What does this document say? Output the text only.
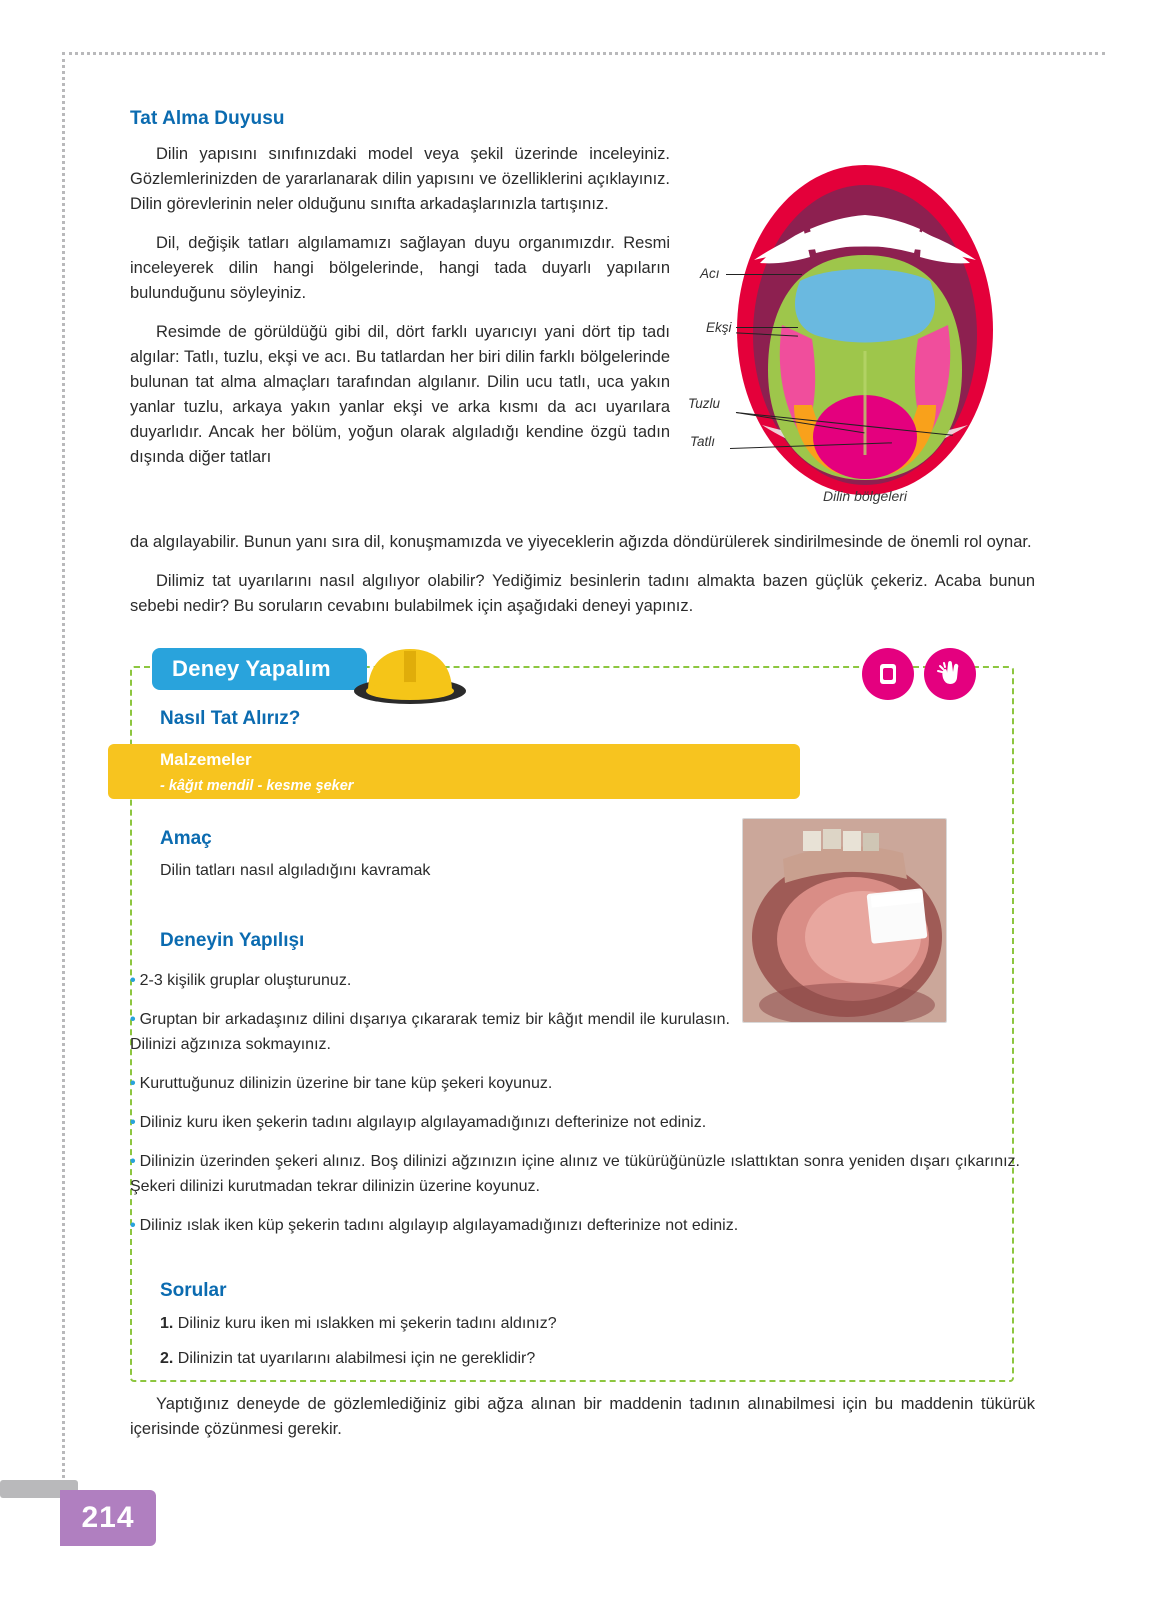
Tat Alma Duyusu

Dilin yapısını sınıfınızdaki model veya şekil üzerinde inceleyiniz. Gözlemlerinizden de yararlanarak dilin yapısını ve özelliklerini açıklayınız. Dilin görevlerinin neler olduğunu sınıfta arkadaşlarınızla tartışınız.

Dil, değişik tatları algılamamızı sağlayan duyu organımızdır. Resmi inceleyerek dilin hangi bölgelerinde, hangi tada duyarlı yapıların bulunduğunu söyleyiniz.

Resimde de görüldüğü gibi dil, dört farklı uyarıcıyı yani dört tip tadı algılar: Tatlı, tuzlu, ekşi ve acı. Bu tatlardan her biri dilin farklı bölgelerinde bulunan tat alma almaçları tarafından algılanır. Dilin ucu tatlı, uca yakın yanlar tuzlu, arkaya yakın yanlar ekşi ve arka kısmı da acı uyarılara duyarlıdır. Ancak her bölüm, yoğun olarak algıladığı kendine özgü tadın dışında diğer tatları

Dilin bölgeleri
Acı
Ekşi
Tuzlu
Tatlı

da algılayabilir. Bunun yanı sıra dil, konuşmamızda ve yiyeceklerin ağızda döndürülerek sindirilmesinde de önemli rol oynar.

Dilimiz tat uyarılarını nasıl algılıyor olabilir? Yediğimiz besinlerin tadını almakta bazen güçlük çekeriz. Acaba bunun sebebi nedir? Bu soruların cevabını bulabilmek için aşağıdaki deneyi yapınız.

Deney Yapalım
Nasıl Tat Alırız?
Malzemeler
- kâğıt mendil - kesme şeker
Amaç
Dilin tatları nasıl algıladığını kavramak
Deneyin Yapılışı
• 2-3 kişilik gruplar oluşturunuz.
• Gruptan bir arkadaşınız dilini dışarıya çıkararak temiz bir kâğıt mendil ile kurulasın. Dilinizi ağzınıza sokmayınız.
• Kuruttuğunuz dilinizin üzerine bir tane küp şekeri koyunuz.
• Diliniz kuru iken şekerin tadını algılayıp algılayamadığınızı defterinize not ediniz.
• Dilinizin üzerinden şekeri alınız. Boş dilinizi ağzınızın içine alınız ve tükürüğünüzle ıslattıktan sonra yeniden dışarı çıkarınız. Şekeri dilinizi kurutmadan tekrar dilinizin üzerine koyunuz.
• Diliniz ıslak iken küp şekerin tadını algılayıp algılayamadığınızı defterinize not ediniz.
Sorular
1. Diliniz kuru iken mi ıslakken mi şekerin tadını aldınız?
2. Dilinizin tat uyarılarını alabilmesi için ne gereklidir?
Yaptığınız deneyde de gözlemlediğiniz gibi ağza alınan bir maddenin tadının alınabilmesi için bu maddenin tükürük içerisinde çözünmesi gerekir.
214
